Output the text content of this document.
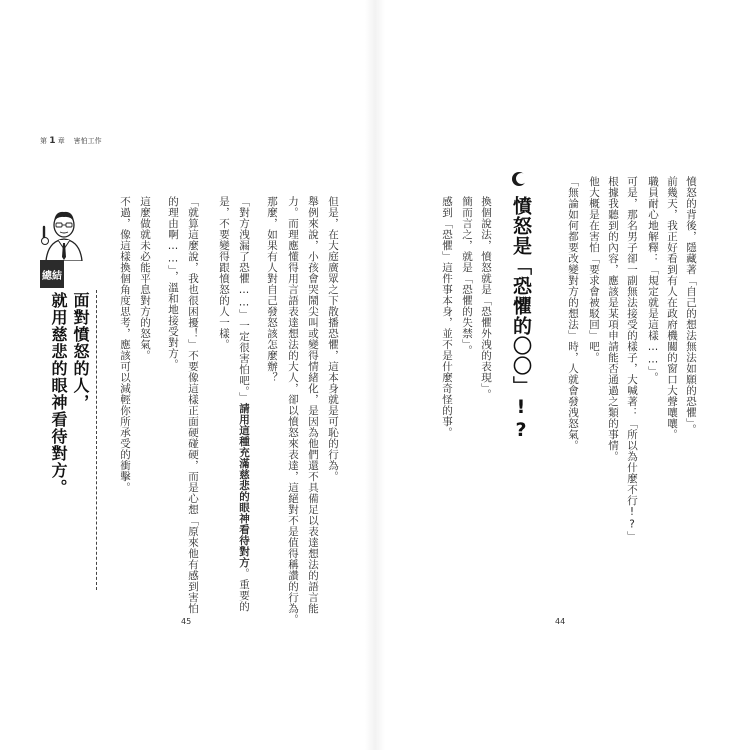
第 1 章 害怕工作
憤怒的背後，隱藏著「自己的想法無法如願的恐懼」。
前幾天，我正好看到有人在政府機關的窗口大聲嚷嚷。
職員耐心地解釋：「規定就是這樣……」。
可是，那名男子卻一副無法接受的樣子，大喊著：「所以為什麼不行!?」
根據我聽到的內容，應該是某項申請能否通過之類的事情。
他大概是在害怕「要求會被駁回」吧。
「無論如何都要改變對方的想法」時，人就會發洩怒氣。
憤怒是「恐懼的〇〇」!?
換個說法，憤怒就是「恐懼外洩的表現」。
簡而言之，就是「恐懼的失禁」。
感到「恐懼」這件事本身，並不是什麼奇怪的事。
44
但是，在大庭廣眾之下散播恐懼，這本身就是可恥的行為。
舉例來說，小孩會哭鬧尖叫或變得情緒化，是因為他們還不具備足以表達想法的語言能
力。而理應懂得用言語表達想法的大人，卻以憤怒來表達，這絕對不是值得稱讚的行為。
那麼，如果有人對自己發怒該怎麼辦？
「對方洩漏了恐懼……」一定很害怕吧。」請用這種充滿慈悲的眼神看待對方。重要的
是，不要變得跟憤怒的人一樣。
「就算這麼說，我也很困擾！」不要像這樣正面硬碰硬，而是心想「原來他有感到害怕
的理由啊……」，溫和地接受對方。
這麼做就未必能平息對方的怒氣。
不過，像這樣換個角度思考，應該可以減輕你所承受的衝擊。
總結
面對憤怒的人，
就用慈悲的眼神看待對方。
45
